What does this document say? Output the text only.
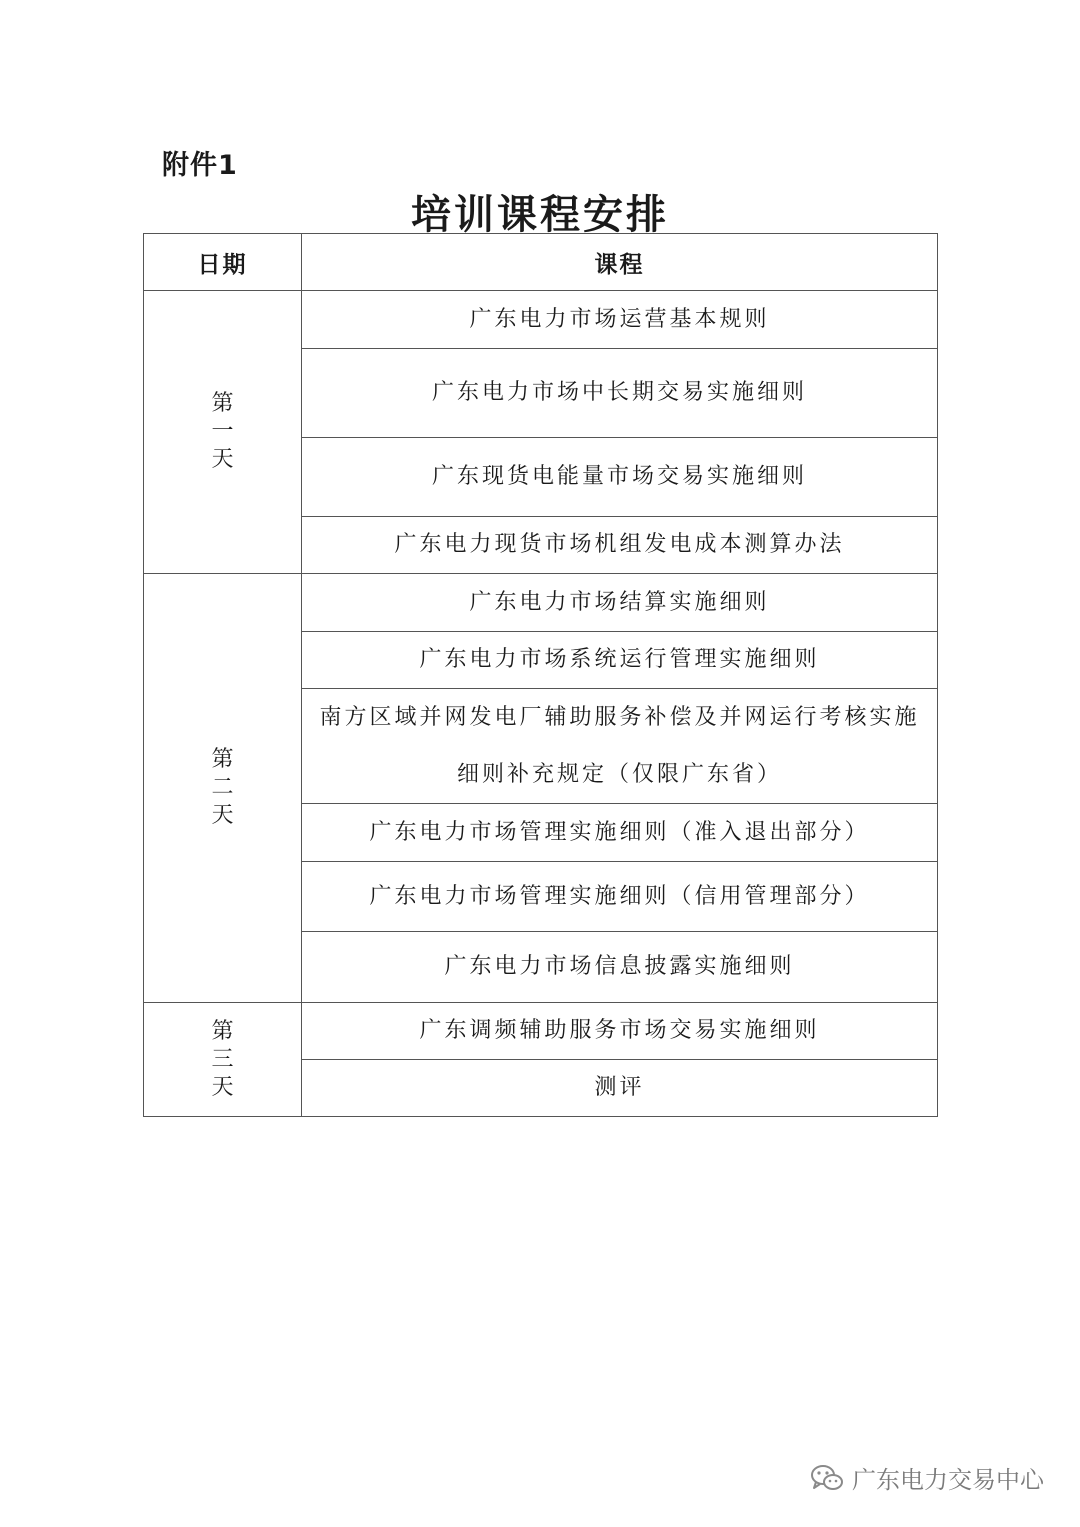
附件1
培训课程安排
日期	课程
第一天	广东电力市场运营基本规则
	广东电力市场中长期交易实施细则
	广东现货电能量市场交易实施细则
	广东电力现货市场机组发电成本测算办法
第二天	广东电力市场结算实施细则
	广东电力市场系统运行管理实施细则
	南方区域并网发电厂辅助服务补偿及并网运行考核实施细则补充规定（仅限广东省）
	广东电力市场管理实施细则（准入退出部分）
	广东电力市场管理实施细则（信用管理部分）
	广东电力市场信息披露实施细则
第三天	广东调频辅助服务市场交易实施细则
	测评
广东电力交易中心
